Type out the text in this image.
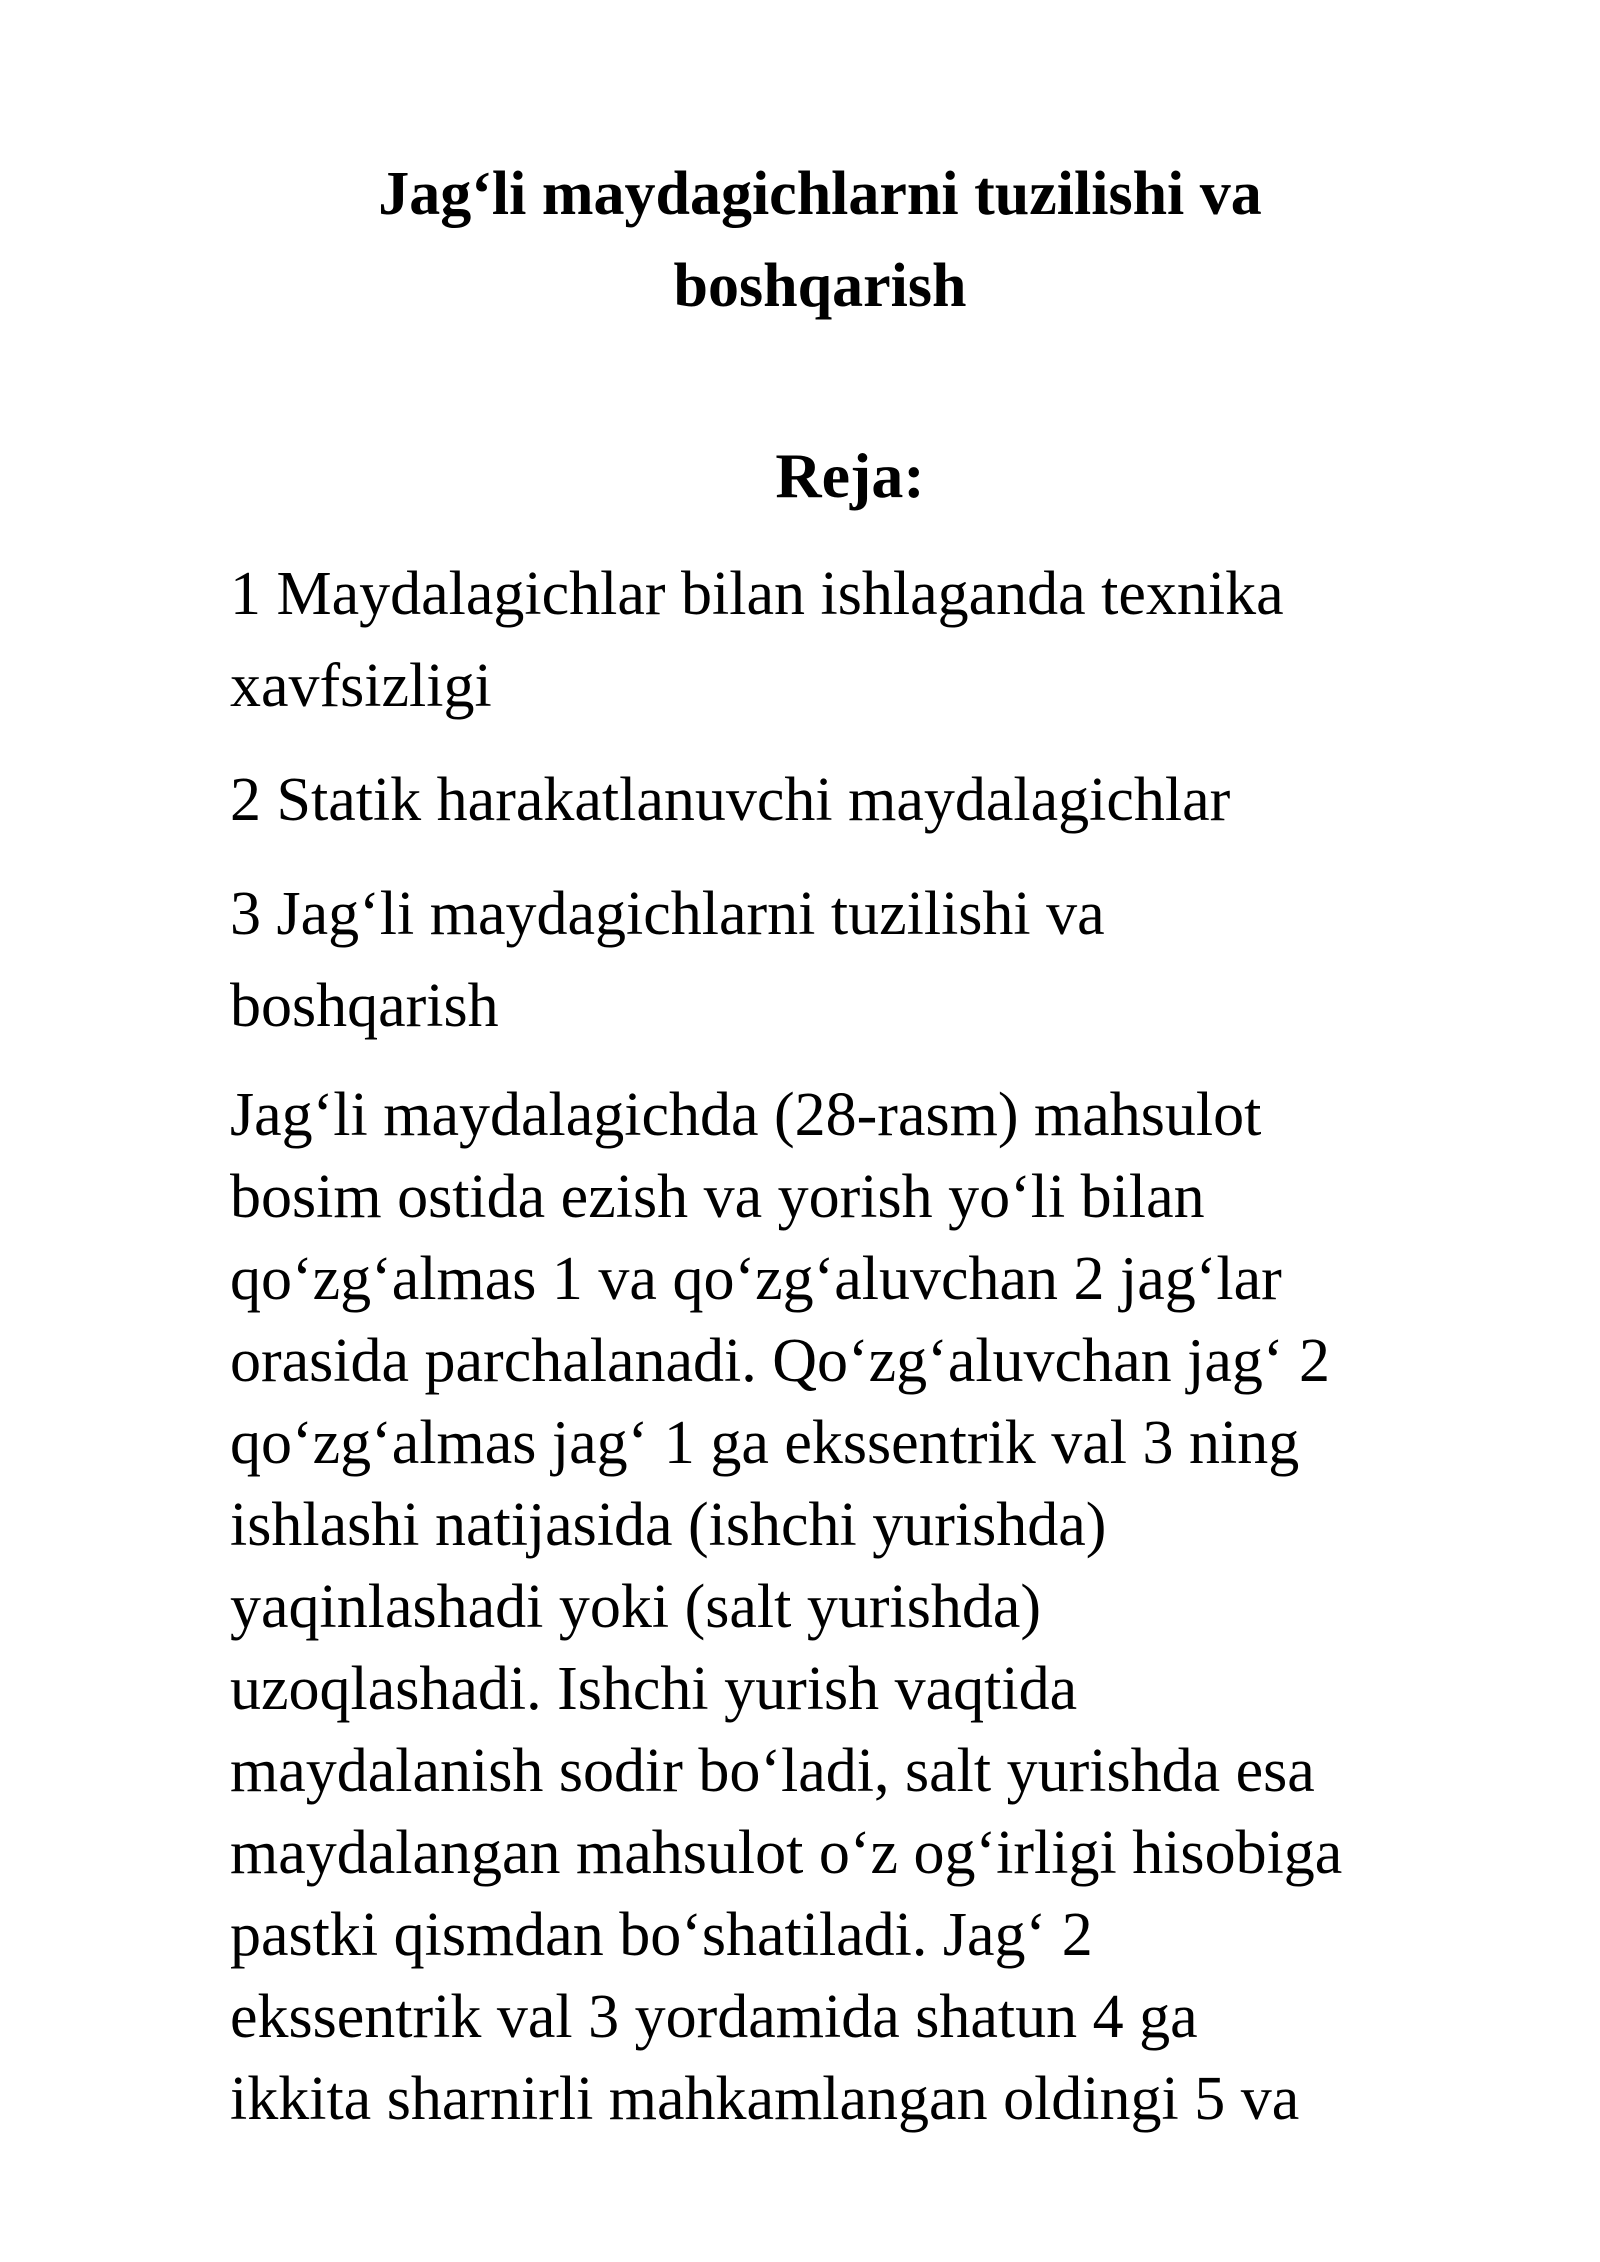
Jag‘li maydagichlarni tuzilishi va
boshqarish
Reja:
1 Maydalagichlar bilan ishlaganda texnika
xavfsizligi
2 Statik harakatlanuvchi maydalagichlar
3 Jag‘li maydagichlarni tuzilishi va
boshqarish

Jag‘li maydalagichda (28-rasm) mahsulot
bosim ostida ezish va yorish yo‘li bilan
qo‘zg‘almas 1 va qo‘zg‘aluvchan 2 jag‘lar
orasida parchalanadi. Qo‘zg‘aluvchan jag‘ 2
qo‘zg‘almas jag‘ 1 ga ekssentrik val 3 ning
ishlashi natijasida (ishchi yurishda)
yaqinlashadi yoki (salt yurishda)
uzoqlashadi. Ishchi yurish vaqtida
maydalanish sodir bo‘ladi, salt yurishda esa
maydalangan mahsulot o‘z og‘irligi hisobiga
pastki qismdan bo‘shatiladi. Jag‘ 2
ekssentrik val 3 yordamida shatun 4 ga
ikkita sharnirli mahkamlangan oldingi 5 va
